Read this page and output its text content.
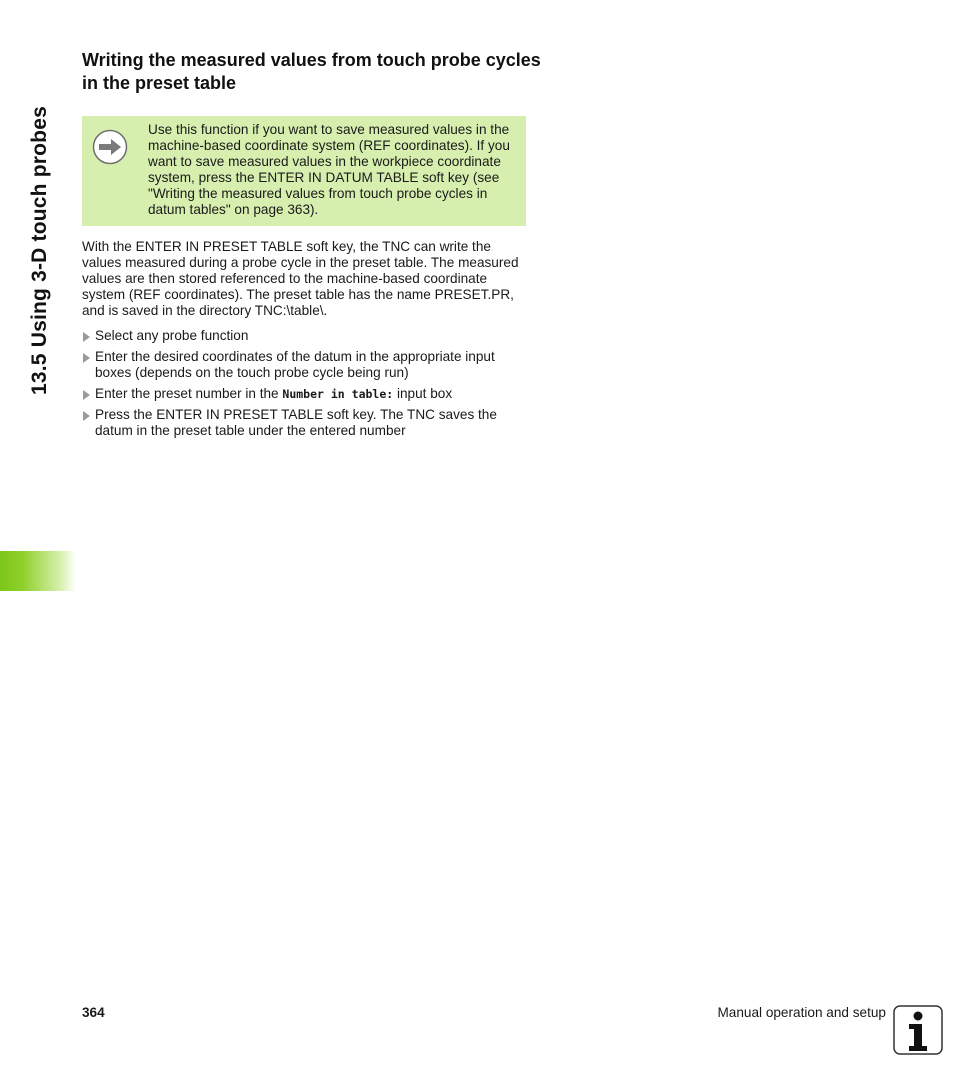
13.5 Using 3-D touch probes
Writing the measured values from touch probe cycles in the preset table
Use this function if you want to save measured values in the machine-based coordinate system (REF coordinates). If you want to save measured values in the workpiece coordinate system, press the ENTER IN DATUM TABLE soft key (see "Writing the measured values from touch probe cycles in datum tables" on page 363).
With the ENTER IN PRESET TABLE soft key, the TNC can write the values measured during a probe cycle in the preset table. The measured values are then stored referenced to the machine-based coordinate system (REF coordinates). The preset table has the name PRESET.PR, and is saved in the directory TNC:\table\.
Select any probe function
Enter the desired coordinates of the datum in the appropriate input boxes (depends on the touch probe cycle being run)
Enter the preset number in the Number in table: input box
Press the ENTER IN PRESET TABLE soft key. The TNC saves the datum in the preset table under the entered number
364	Manual operation and setup
